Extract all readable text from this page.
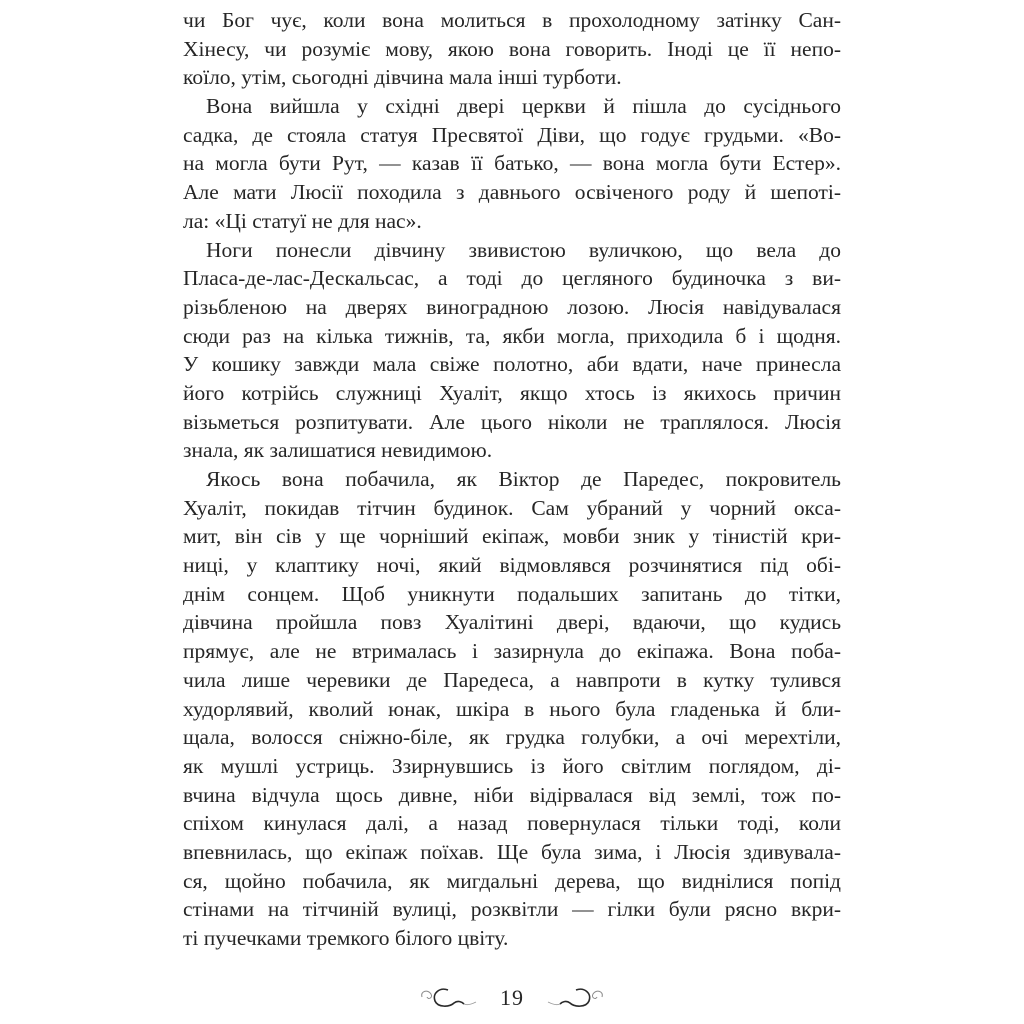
чи Бог чує, коли вона молиться в прохолодному затінку Сан-
Хінесу, чи розуміє мову, якою вона говорить. Іноді це її непо-
коїло, утім, сьогодні дівчина мала інші турботи.
Вона вийшла у східні двері церкви й пішла до сусіднього
садка, де стояла статуя Пресвятої Діви, що годує грудьми. «Во-
на могла бути Рут, — казав її батько, — вона могла бути Естер».
Але мати Люсії походила з давнього освіченого роду й шепоті-
ла: «Ці статуї не для нас».
Ноги понесли дівчину звивистою вуличкою, що вела до
Пласа-де-лас-Дескальсас, а тоді до цегляного будиночка з ви-
різьбленою на дверях виноградною лозою. Люсія навідувалася
сюди раз на кілька тижнів, та, якби могла, приходила б і щодня.
У кошику завжди мала свіже полотно, аби вдати, наче принесла
його котрійсь служниці Хуаліт, якщо хтось із якихось причин
візьметься розпитувати. Але цього ніколи не траплялося. Люсія
знала, як залишатися невидимою.
Якось вона побачила, як Віктор де Паредес, покровитель
Хуаліт, покидав тітчин будинок. Сам убраний у чорний окса-
мит, він сів у ще чорніший екіпаж, мовби зник у тінистій кри-
ниці, у клаптику ночі, який відмовлявся розчинятися під обі-
днім сонцем. Щоб уникнути подальших запитань до тітки,
дівчина пройшла повз Хуалітині двері, вдаючи, що кудись
прямує, але не втрималась і зазирнула до екіпажа. Вона поба-
чила лише черевики де Паредеса, а навпроти в кутку тулився
худорлявий, кволий юнак, шкіра в нього була гладенька й бли-
щала, волосся сніжно-біле, як грудка голубки, а очі мерехтіли,
як мушлі устриць. Ззирнувшись із його світлим поглядом, ді-
вчина відчула щось дивне, ніби відірвалася від землі, тож по-
спіхом кинулася далі, а назад повернулася тільки тоді, коли
впевнилась, що екіпаж поїхав. Ще була зима, і Люсія здивувала-
ся, щойно побачила, як мигдальні дерева, що виднілися попід
стінами на тітчиній вулиці, розквітли — гілки були рясно вкри-
ті пучечками тремкого білого цвіту.
19
